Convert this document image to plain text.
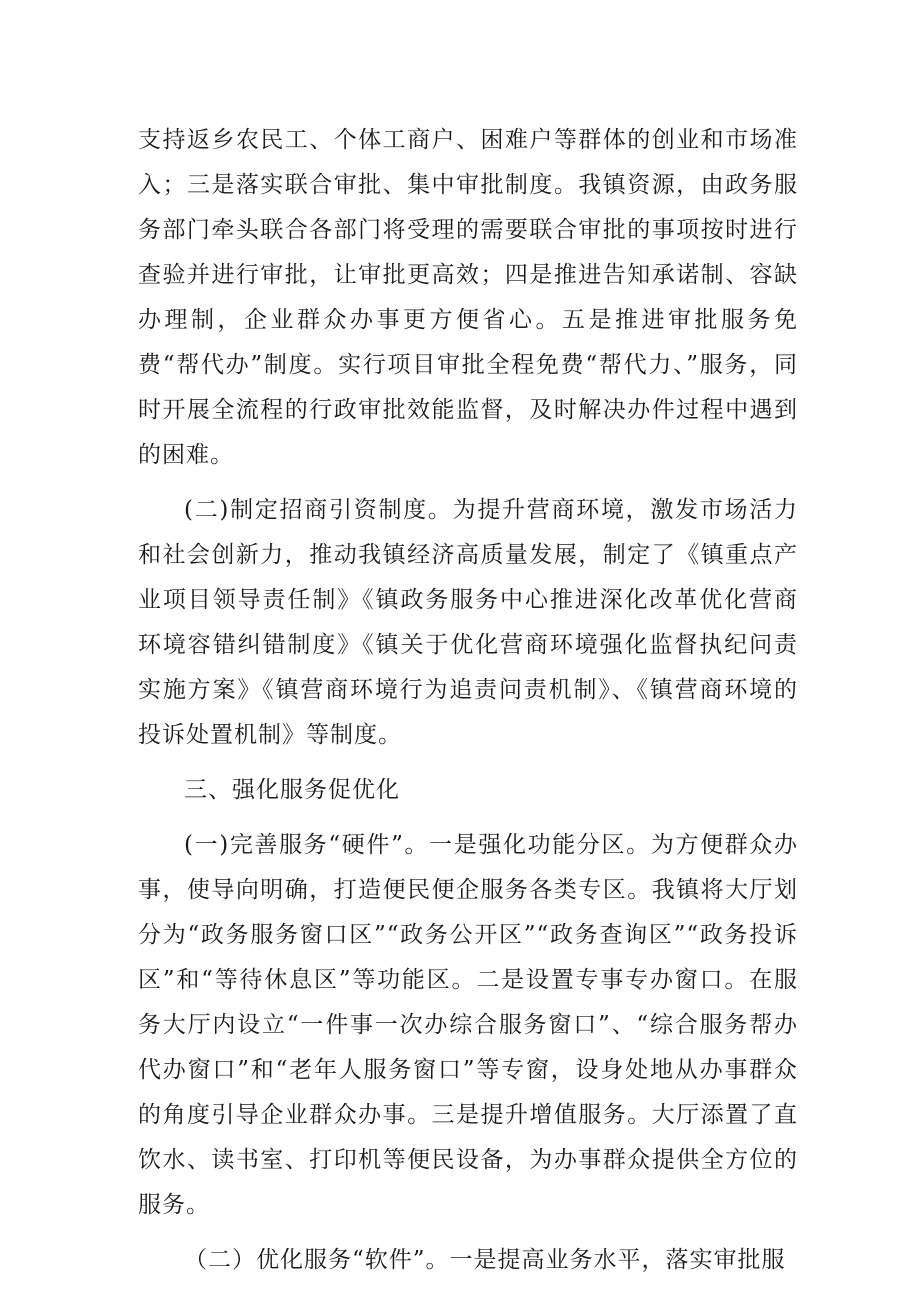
支持返乡农民工、个体工商户、困难户等群体的创业和市场准入；三是落实联合审批、集中审批制度。我镇资源，由政务服务部门牵头联合各部门将受理的需要联合审批的事项按时进行查验并进行审批，让审批更高效；四是推进告知承诺制、容缺办理制，企业群众办事更方便省心。五是推进审批服务免费“帮代办”制度。实行项目审批全程免费“帮代力、”服务，同时开展全流程的行政审批效能监督，及时解决办件过程中遇到的困难。

(二)制定招商引资制度。为提升营商环境，激发市场活力和社会创新力，推动我镇经济高质量发展，制定了《镇重点产业项目领导责任制》《镇政务服务中心推进深化改革优化营商环境容错纠错制度》《镇关于优化营商环境强化监督执纪问责实施方案》《镇营商环境行为追责问责机制》、《镇营商环境的投诉处置机制》等制度。

三、强化服务促优化

(一)完善服务“硬件”。一是强化功能分区。为方便群众办事，使导向明确，打造便民便企服务各类专区。我镇将大厅划分为“政务服务窗口区”“政务公开区”“政务查询区”“政务投诉区”和“等待休息区”等功能区。二是设置专事专办窗口。在服务大厅内设立“一件事一次办综合服务窗口”、“综合服务帮办代办窗口”和“老年人服务窗口”等专窗，设身处地从办事群众的角度引导企业群众办事。三是提升增值服务。大厅添置了直饮水、读书室、打印机等便民设备，为办事群众提供全方位的服务。

（二）优化服务“软件”。一是提高业务水平，落实审批服
